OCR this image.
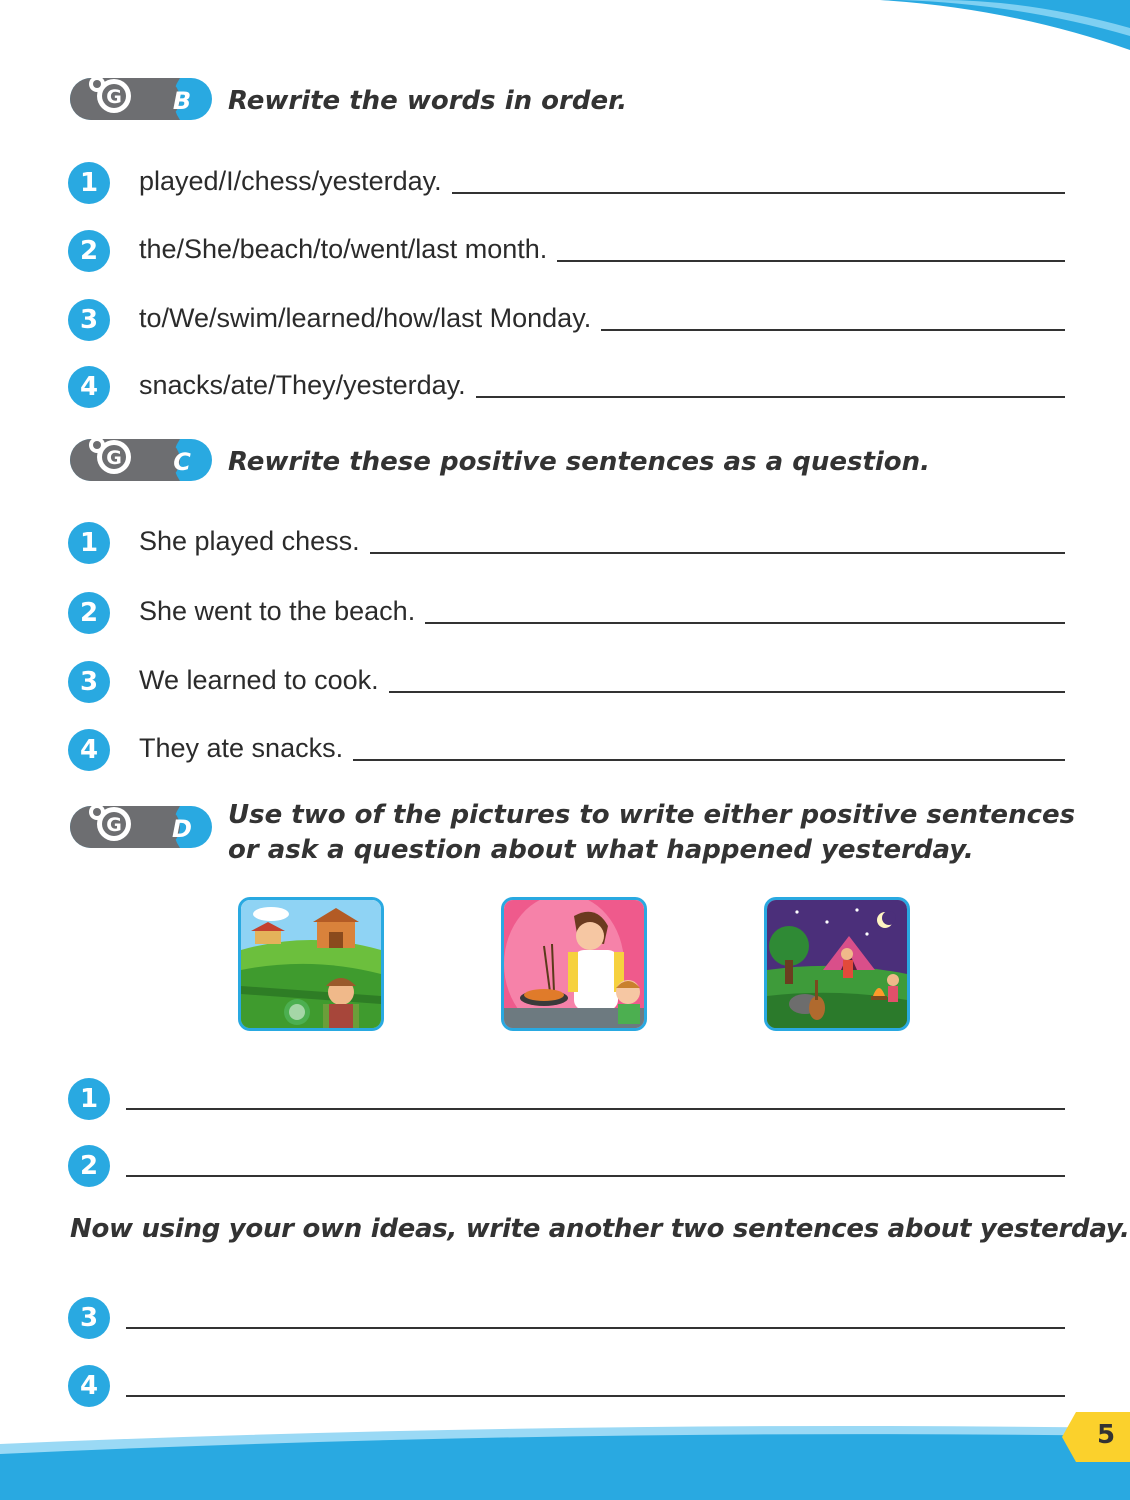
G B Rewrite the words in order.
1	played/I/chess/yesterday.
2	the/She/beach/to/went/last month.
3	to/We/swim/learned/how/last Monday.
4	snacks/ate/They/yesterday.
G C Rewrite these positive sentences as a question.
1	She played chess.
2	She went to the beach.
3	We learned to cook.
4	They ate snacks.
G D Use two of the pictures to write either positive sentences
or ask a question about what happened yesterday.
1
2
Now using your own ideas, write another two sentences about yesterday.
3
4
5
